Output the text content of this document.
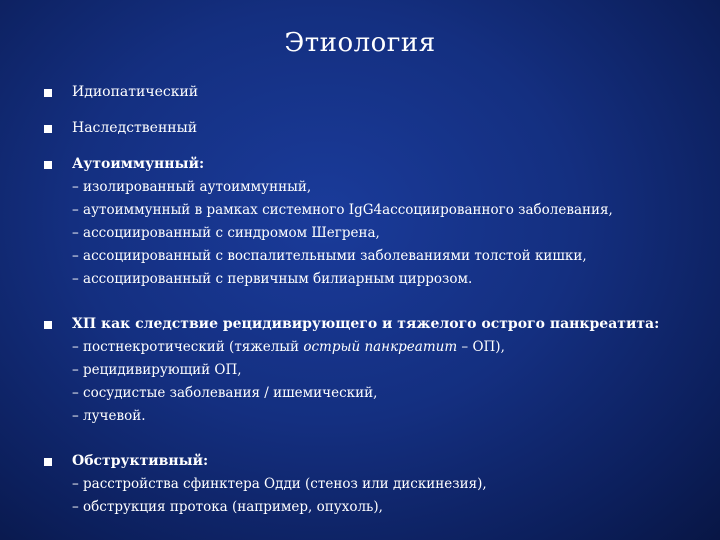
Этиология
Идиопатический
Наследственный
Аутоиммунный:
– изолированный аутоиммунный,
– аутоиммунный в рамках системного IgG4ассоциированного заболевания,
– ассоциированный с синдромом Шегрена,
– ассоциированный с воспалительными заболеваниями толстой кишки,
– ассоциированный с первичным билиарным циррозом.
ХП как следствие рецидивирующего и тяжелого острого панкреатита:
– постнекротический (тяжелый острый панкреатит – ОП),
– рецидивирующий ОП,
– сосудистые заболевания / ишемический,
– лучевой.
Обструктивный:
– расстройства сфинктера Одди (стеноз или дискинезия),
– обструкция протока (например, опухоль),
